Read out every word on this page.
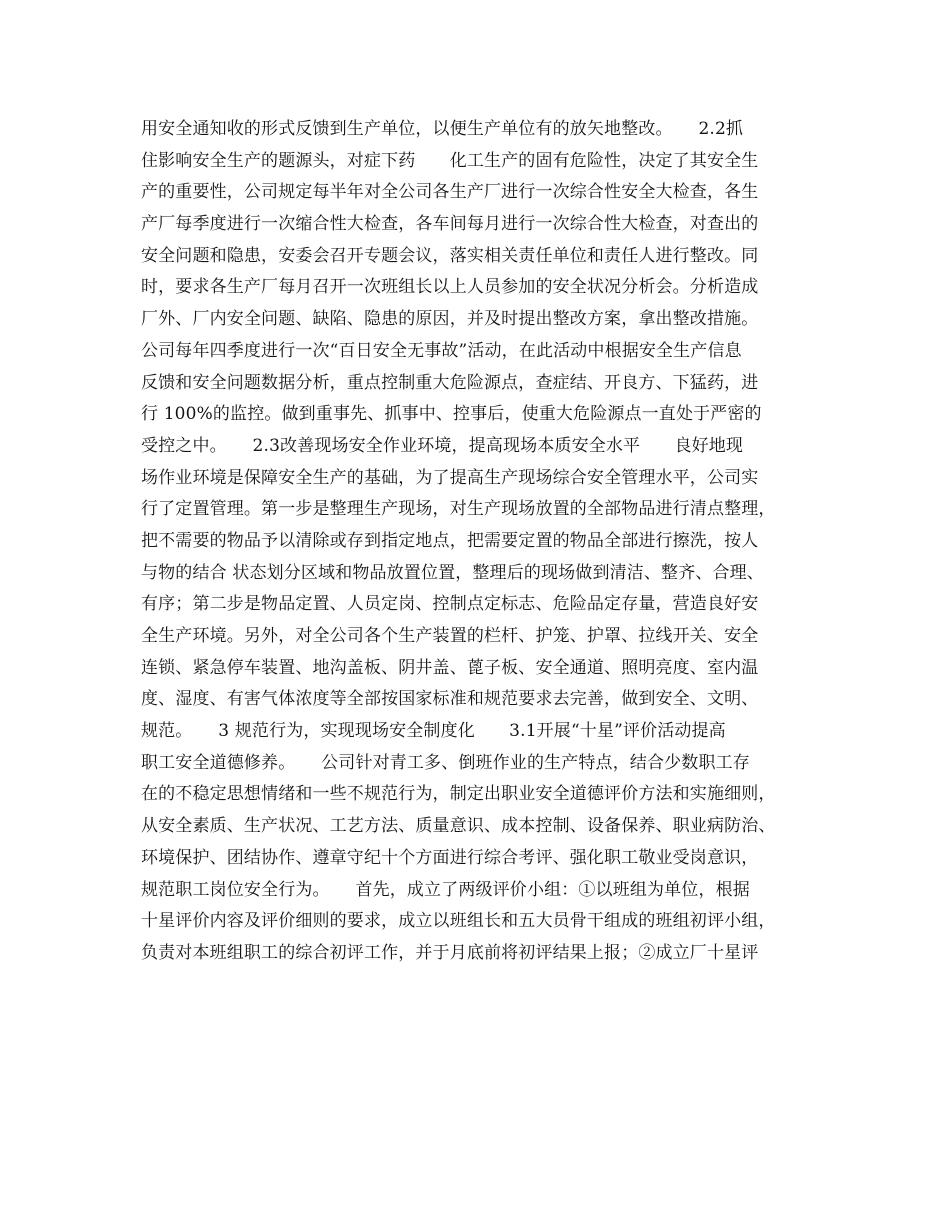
用安全通知收的形式反馈到生产单位，以便生产单位有的放矢地整改。　　2.2抓
住影响安全生产的题源头，对症下药　　化工生产的固有危险性，决定了其安全生
产的重要性，公司规定每半年对全公司各生产厂进行一次综合性安全大检查，各生
产厂每季度进行一次缩合性大检查，各车间每月进行一次综合性大检查，对查出的
安全问题和隐患，安委会召开专题会议，落实相关责任单位和责任人进行整改。同
时，要求各生产厂每月召开一次班组长以上人员参加的安全状况分析会。分析造成
厂外、厂内安全问题、缺陷、隐患的原因，并及时提出整改方案，拿出整改措施。
公司每年四季度进行一次“百日安全无事故”活动，在此活动中根据安全生产信息
反馈和安全问题数据分析，重点控制重大危险源点，查症结、开良方、下猛药，进
行 100%的监控。做到重事先、抓事中、控事后，使重大危险源点一直处于严密的
受控之中。　　2.3改善现场安全作业环境，提高现场本质安全水平　　良好地现
场作业环境是保障安全生产的基础，为了提高生产现场综合安全管理水平，公司实
行了定置管理。第一步是整理生产现场，对生产现场放置的全部物品进行清点整理，
把不需要的物品予以清除或存到指定地点，把需要定置的物品全部进行擦洗，按人
与物的结合 状态划分区域和物品放置位置，整理后的现场做到清洁、整齐、合理、
有序；第二步是物品定置、人员定岗、控制点定标志、危险品定存量，营造良好安
全生产环境。另外，对全公司各个生产装置的栏杆、护笼、护罩、拉线开关、安全
连锁、紧急停车装置、地沟盖板、阴井盖、蓖子板、安全通道、照明亮度、室内温
度、湿度、有害气体浓度等全部按国家标准和规范要求去完善，做到安全、文明、
规范。　　3 规范行为，实现现场安全制度化　　3.1开展“十星”评价活动提高
职工安全道德修养。　　公司针对青工多、倒班作业的生产特点，结合少数职工存
在的不稳定思想情绪和一些不规范行为，制定出职业安全道德评价方法和实施细则，
从安全素质、生产状况、工艺方法、质量意识、成本控制、设备保养、职业病防治、
环境保护、团结协作、遵章守纪十个方面进行综合考评、强化职工敬业受岗意识，
规范职工岗位安全行为。　　首先，成立了两级评价小组：①以班组为单位，根据
十星评价内容及评价细则的要求，成立以班组长和五大员骨干组成的班组初评小组，
负责对本班组职工的综合初评工作，并于月底前将初评结果上报；②成立厂十星评
